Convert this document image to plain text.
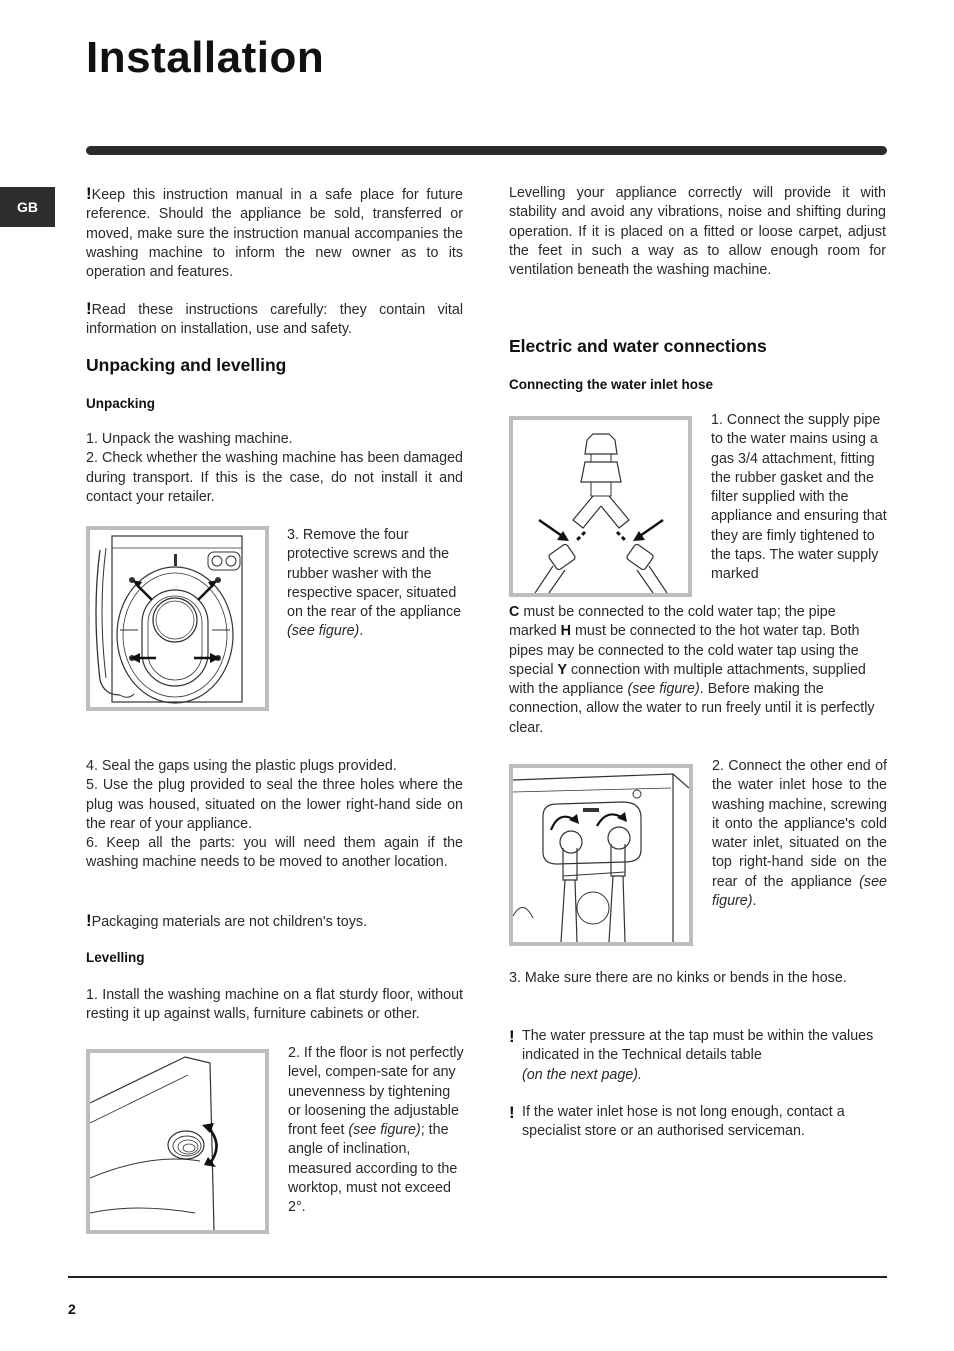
Installation
GB

!Keep this instruction manual in a safe place for future reference. Should the appliance be sold, transferred or moved, make sure the instruction manual accompanies the washing machine to inform the new owner as to its operation and features.

!Read these instructions carefully: they contain vital information on installation, use and safety.

Unpacking and levelling
Unpacking

1. Unpack the washing machine.

2. Check whether the washing machine has been damaged during transport. If this is the case, do not install it and contact your retailer.

3. Remove the four protective screws and the rubber washer with the respective spacer, situated on the rear of the appliance (see figure).

4. Seal the gaps using the plastic plugs provided.

5. Use the plug provided to seal the three holes where the plug was housed, situated on the lower right-hand side on the rear of your appliance.

6. Keep all the parts: you will need them again if the washing machine needs to be moved to another location.

!Packaging materials are not children's toys.

Levelling

1. Install the washing machine on a flat sturdy floor, without resting it up against walls, furniture cabinets or other.

2. If the floor is not perfectly level, compen-sate for any unevenness by tightening or loosening the adjustable front feet (see figure); the angle of inclination, measured according to the worktop, must not exceed 2°.

Levelling your appliance correctly will provide it with stability and avoid any vibrations, noise and shifting during operation. If it is placed on a fitted or loose carpet, adjust the feet in such a way as to allow enough room for ventilation beneath the washing machine.

Electric and water connections
Connecting the water inlet hose

1. Connect the supply pipe to the water mains using a gas 3/4 attachment, fitting the rubber gasket and the filter supplied with the appliance and ensuring that they are fimly tightened to the taps. The water supply marked

C must be connected to the cold water tap; the pipe marked H must be connected to the hot water tap. Both pipes may be connected to the cold water tap using the special Y connection with multiple attachments, supplied with the appliance (see figure). Before making the connection, allow the water to run freely until it is perfectly clear.

2. Connect the other end of the water inlet hose to the washing machine, screwing it onto the appliance's cold water inlet, situated on the top right-hand side on the rear of the appliance (see figure).

3. Make sure there are no kinks or bends in the hose.

! The water pressure at the tap must be within the values indicated in the Technical details table
(on the next page).

! If the water inlet hose is not long enough, contact a specialist store or an authorised serviceman.

2
